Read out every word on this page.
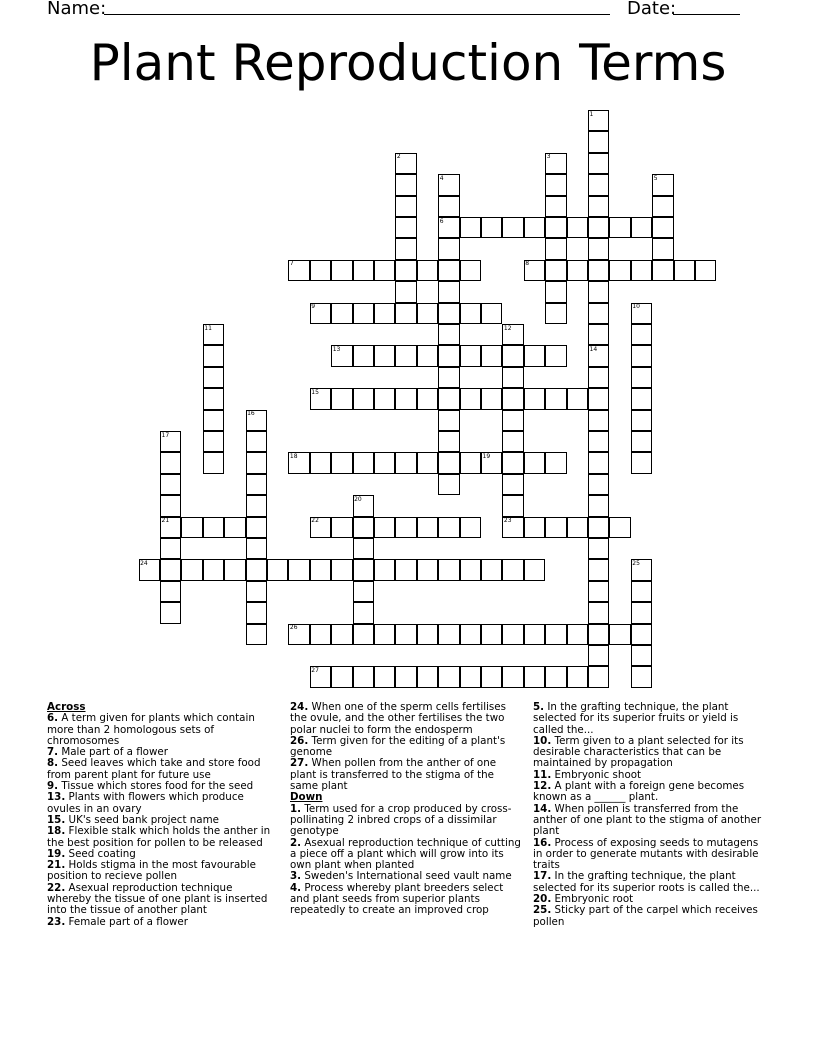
Name:	Date:
Plant Reproduction Terms
1
2	3
4	5
6
7	8
9	10
11	12
13	14
15
16
17
18	19
20
21	22	23
24	25
26
27
Across
6. A term given for plants which contain more than 2 homologous sets of chromosomes
7. Male part of a flower
8. Seed leaves which take and store food from parent plant for future use
9. Tissue which stores food for the seed
13. Plants with flowers which produce ovules in an ovary
15. UK's seed bank project name
18. Flexible stalk which holds the anther in the best position for pollen to be released
19. Seed coating
21. Holds stigma in the most favourable position to recieve pollen
22. Asexual reproduction technique whereby the tissue of one plant is inserted into the tissue of another plant
23. Female part of a flower
24. When one of the sperm cells fertilises the ovule, and the other fertilises the two polar nuclei to form the endosperm
26. Term given for the editing of a plant's genome
27. When pollen from the anther of one plant is transferred to the stigma of the same plant
Down
1. Term used for a crop produced by cross-pollinating 2 inbred crops of a dissimilar genotype
2. Asexual reproduction technique of cutting a piece off a plant which will grow into its own plant when planted
3. Sweden's International seed vault name
4. Process whereby plant breeders select and plant seeds from superior plants repeatedly to create an improved crop
5. In the grafting technique, the plant selected for its superior fruits or yield is called the...
10. Term given to a plant selected for its desirable characteristics that can be maintained by propagation
11. Embryonic shoot
12. A plant with a foreign gene becomes known as a ______ plant.
14. When pollen is transferred from the anther of one plant to the stigma of another plant
16. Process of exposing seeds to mutagens in order to generate mutants with desirable traits
17. In the grafting technique, the plant selected for its superior roots is called the...
20. Embryonic root
25. Sticky part of the carpel which receives pollen
